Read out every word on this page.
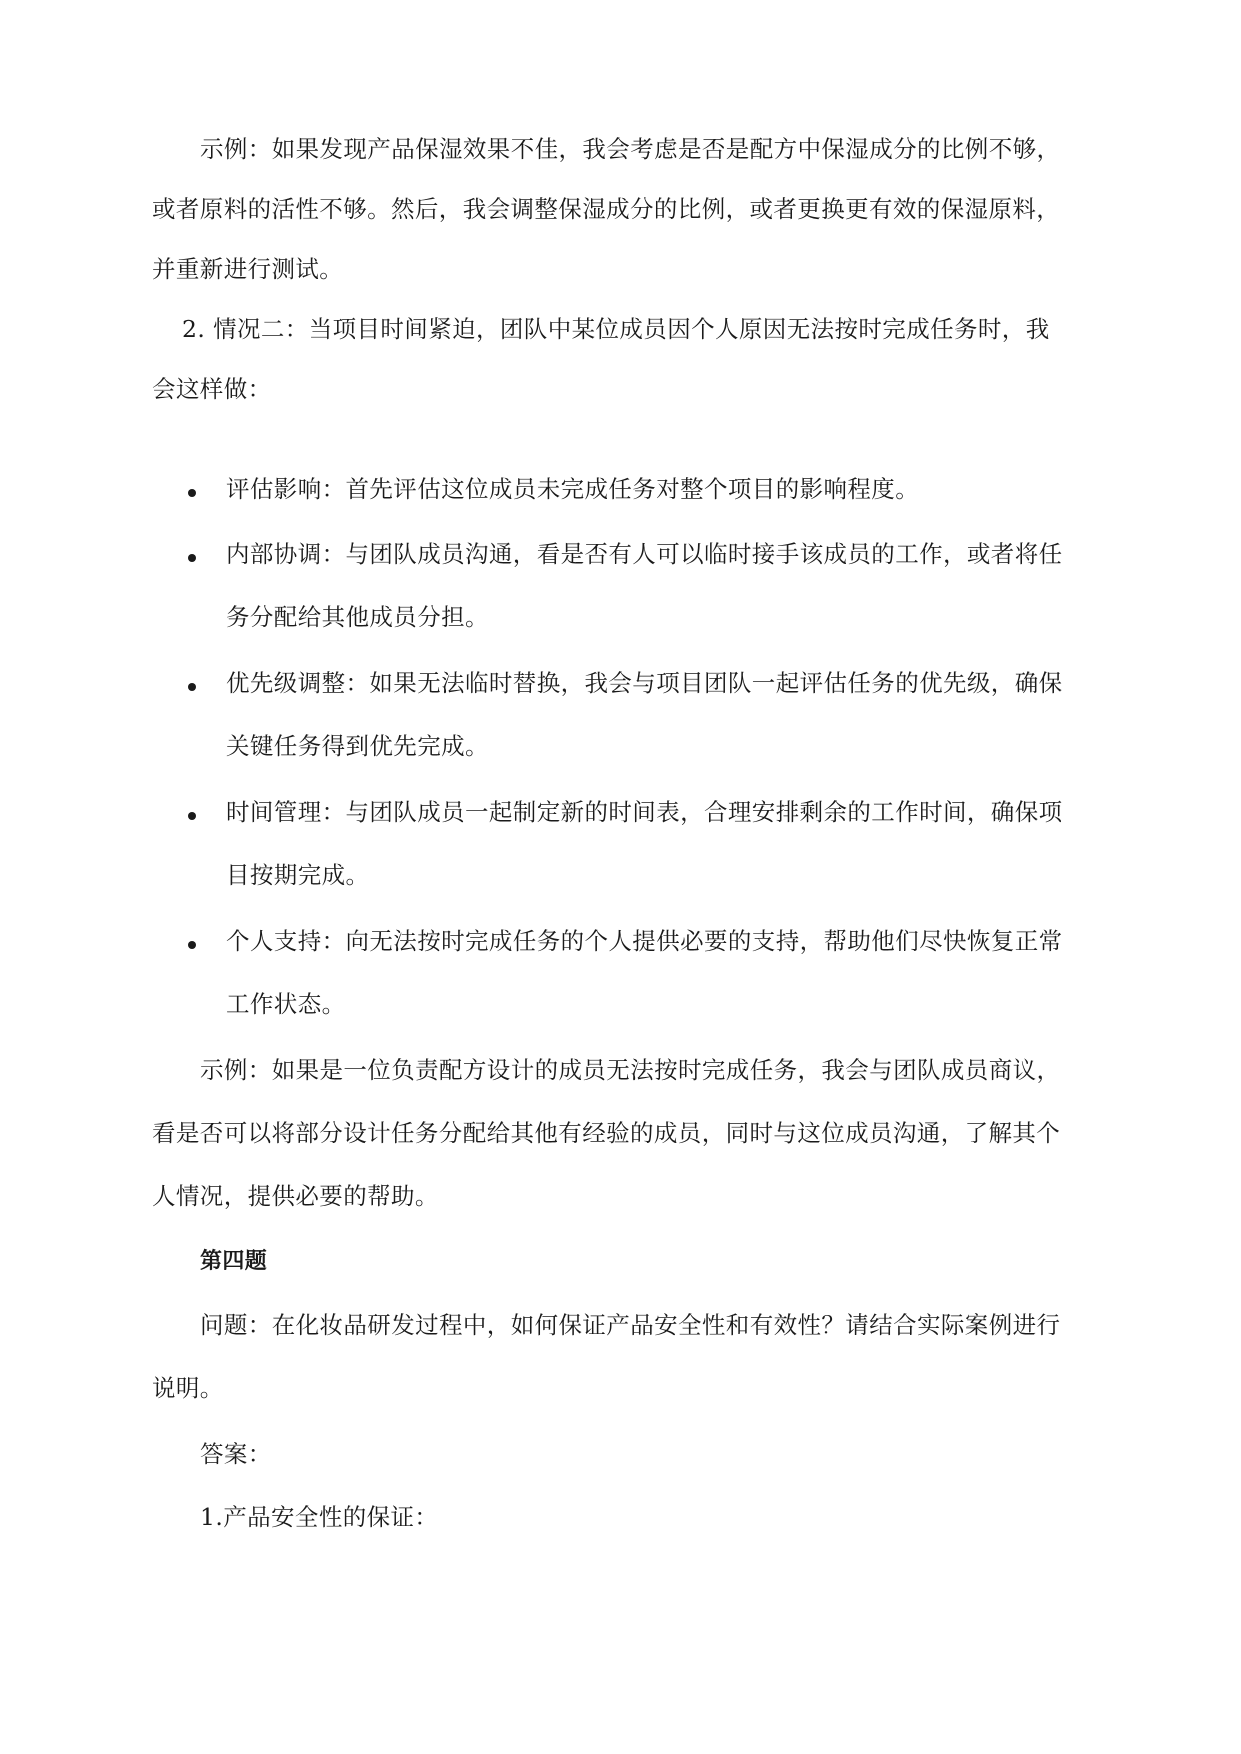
示例：如果发现产品保湿效果不佳，我会考虑是否是配方中保湿成分的比例不够，
或者原料的活性不够。然后，我会调整保湿成分的比例，或者更换更有效的保湿原料，
并重新进行测试。
2. 情况二：当项目时间紧迫，团队中某位成员因个人原因无法按时完成任务时，我
会这样做：
评估影响：首先评估这位成员未完成任务对整个项目的影响程度。
内部协调：与团队成员沟通，看是否有人可以临时接手该成员的工作，或者将任
务分配给其他成员分担。
优先级调整：如果无法临时替换，我会与项目团队一起评估任务的优先级，确保
关键任务得到优先完成。
时间管理：与团队成员一起制定新的时间表，合理安排剩余的工作时间，确保项
目按期完成。
个人支持：向无法按时完成任务的个人提供必要的支持，帮助他们尽快恢复正常
工作状态。
示例：如果是一位负责配方设计的成员无法按时完成任务，我会与团队成员商议，
看是否可以将部分设计任务分配给其他有经验的成员，同时与这位成员沟通，了解其个
人情况，提供必要的帮助。
第四题
问题：在化妆品研发过程中，如何保证产品安全性和有效性？请结合实际案例进行
说明。
答案：
1.产品安全性的保证：
